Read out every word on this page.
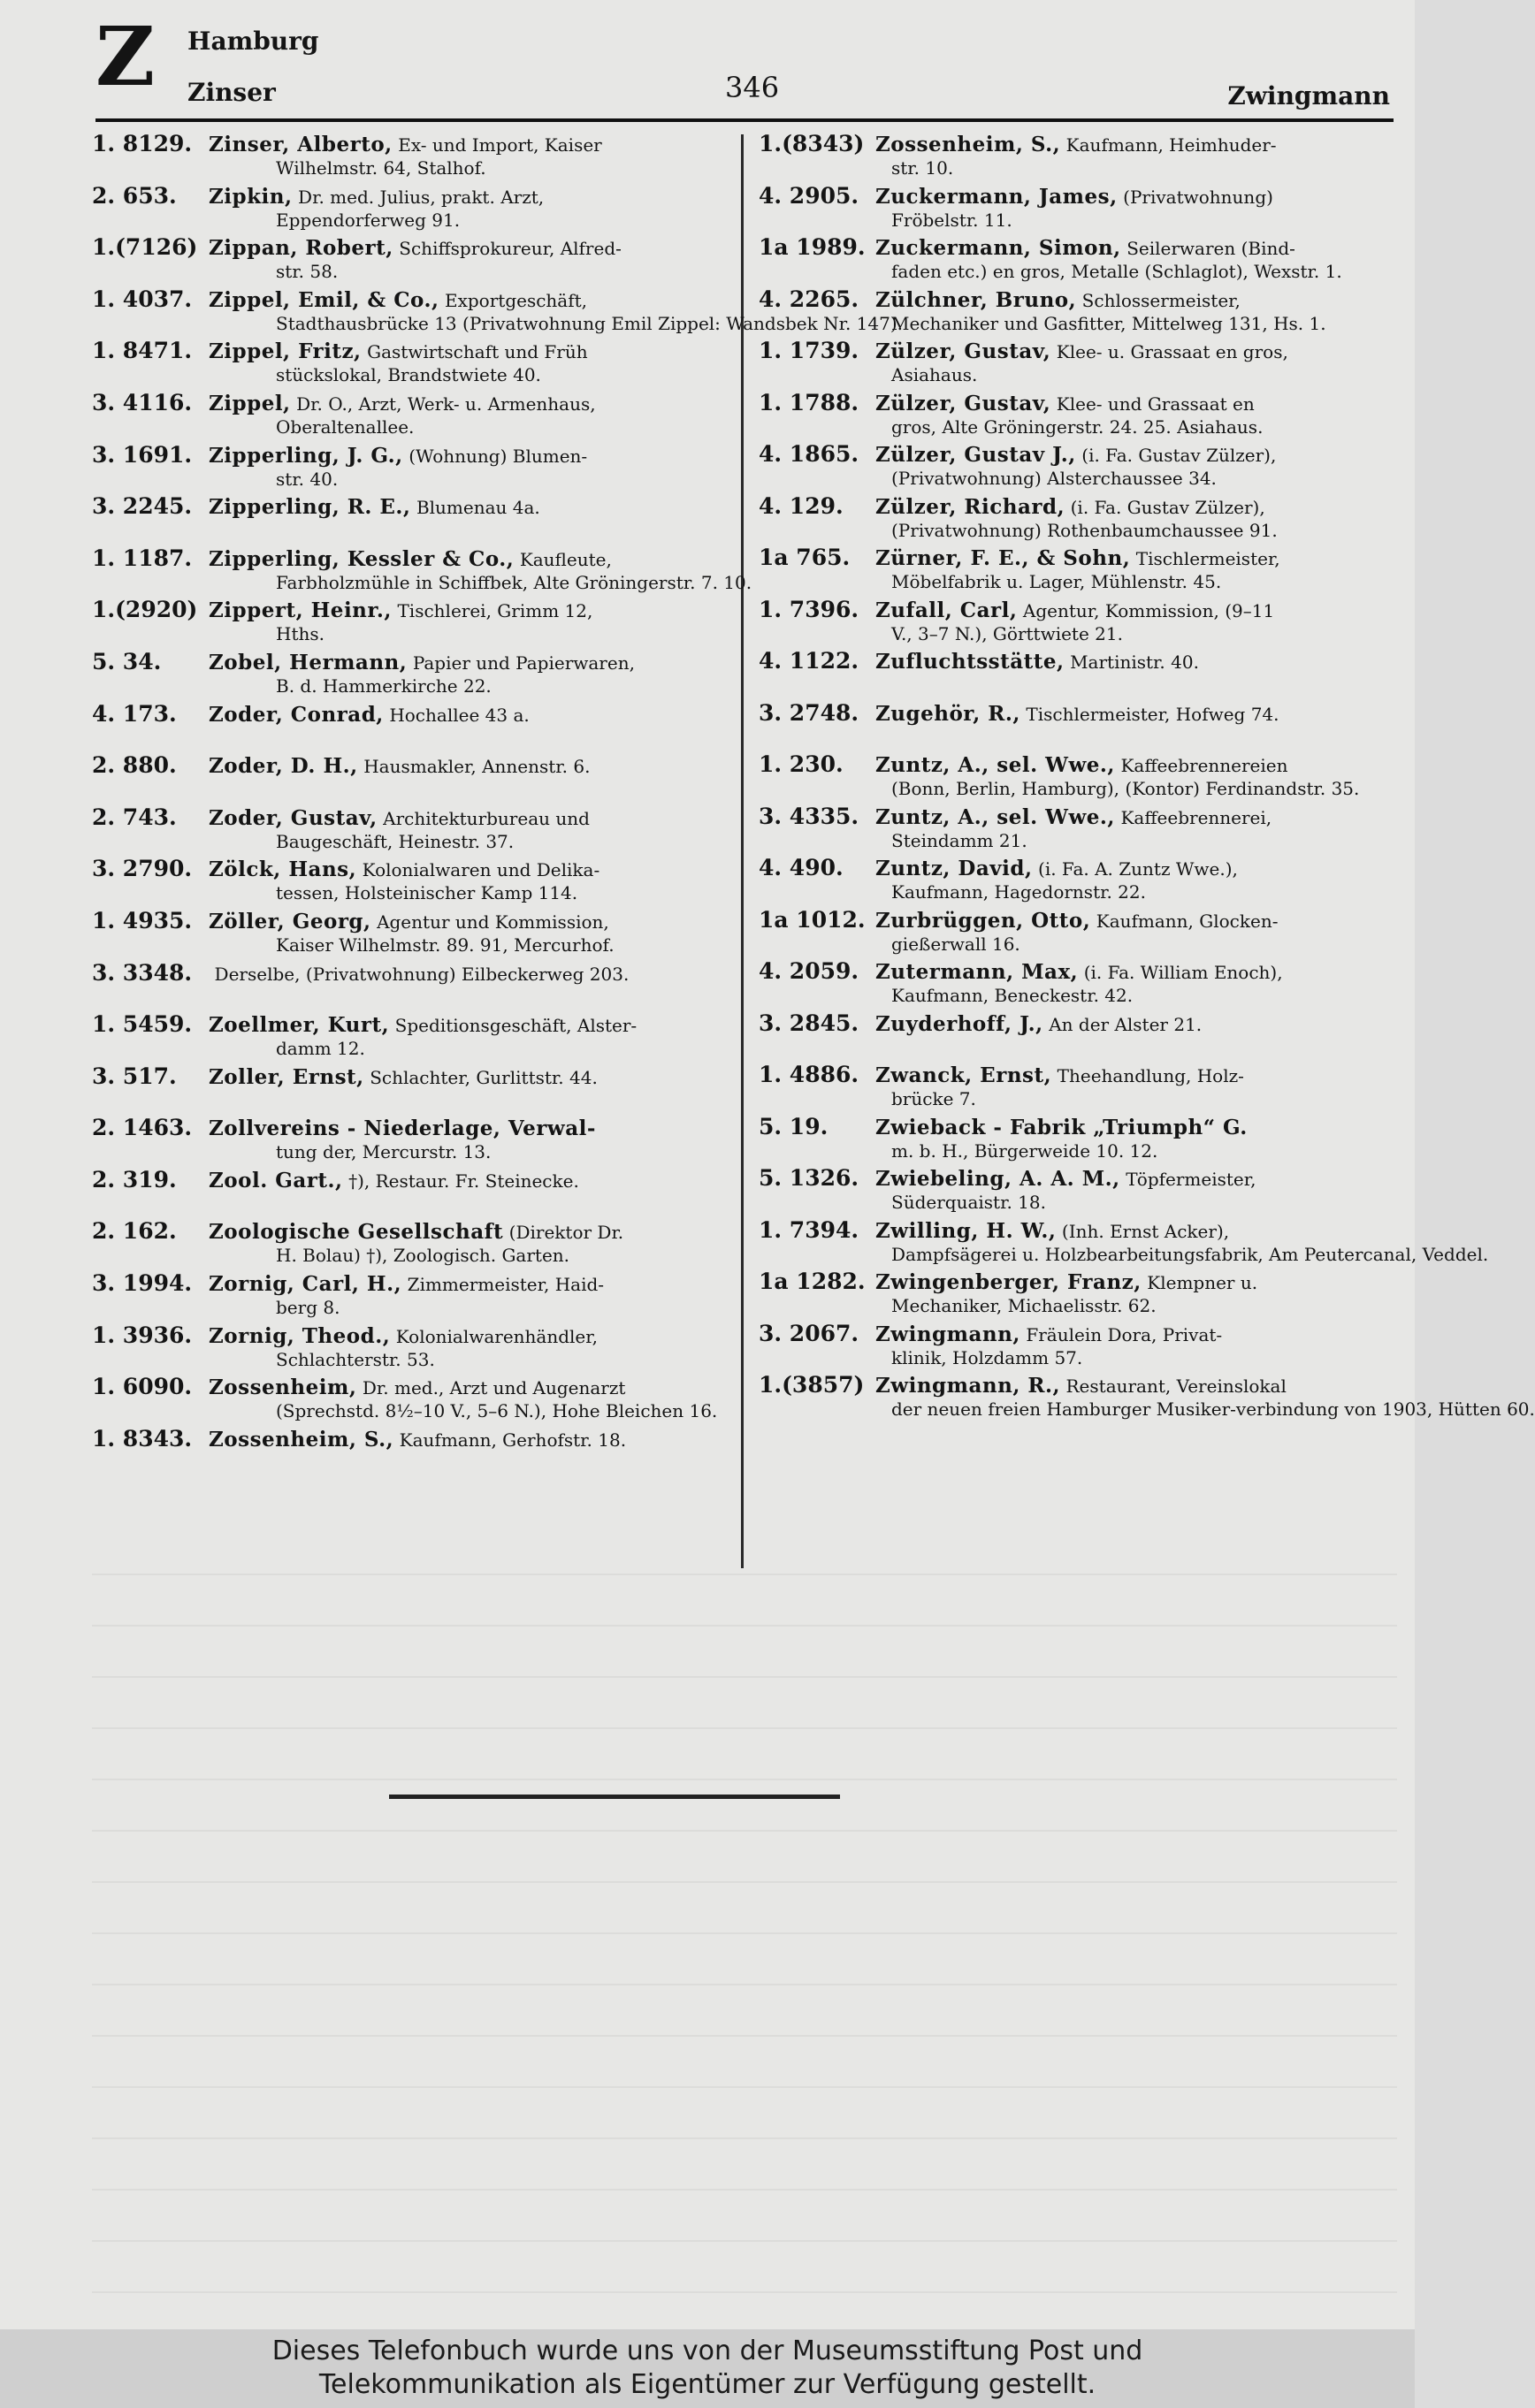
Z Hamburg
Zinser	346	Zwingmann
1. 8129. Zinser, Alberto, Ex- und Import, Kaiser
Wilhelmstr. 64, Stalhof.
2. 653. Zipkin, Dr. med. Julius, prakt. Arzt,
Eppendorferweg 91.
1.(7126) Zippan, Robert, Schiffsprokureur, Alfred-
str. 58.
1. 4037. Zippel, Emil, & Co., Exportgeschäft,
Stadthausbrücke 13 (Privatwohnung Emil Zippel: Wandsbek Nr. 147).
1. 8471. Zippel, Fritz, Gastwirtschaft und Früh
stückslokal, Brandstwiete 40.
3. 4116. Zippel, Dr. O., Arzt, Werk- u. Armenhaus,
Oberaltenallee.
3. 1691. Zipperling, J. G., (Wohnung) Blumen-
str. 40.
3. 2245. Zipperling, R. E., Blumenau 4a.
1. 1187. Zipperling, Kessler & Co., Kaufleute,
Farbholzmühle in Schiffbek, Alte Gröningerstr. 7. 10.
1.(2920) Zippert, Heinr., Tischlerei, Grimm 12,
Hths.
5. 34. Zobel, Hermann, Papier und Papierwaren,
B. d. Hammerkirche 22.
4. 173. Zoder, Conrad, Hochallee 43 a.
2. 880. Zoder, D. H., Hausmakler, Annenstr. 6.
2. 743. Zoder, Gustav, Architekturbureau und
Baugeschäft, Heinestr. 37.
3. 2790. Zölck, Hans, Kolonialwaren und Delika-
tessen, Holsteinischer Kamp 114.
1. 4935. Zöller, Georg, Agentur und Kommission,
Kaiser Wilhelmstr. 89. 91, Mercurhof.
3. 3348. Derselbe, (Privatwohnung) Eilbeckerweg 203.
1. 5459. Zoellmer, Kurt, Speditionsgeschäft, Alster-
damm 12.
3. 517. Zoller, Ernst, Schlachter, Gurlittstr. 44.
2. 1463. Zollvereins - Niederlage, Verwal-
tung der, Mercurstr. 13.
2. 319. Zool. Gart., †), Restaur. Fr. Steinecke.
2. 162. Zoologische Gesellschaft (Direktor Dr.
H. Bolau) †), Zoologisch. Garten.
3. 1994. Zornig, Carl, H., Zimmermeister, Haid-
berg 8.
1. 3936. Zornig, Theod., Kolonialwarenhändler,
Schlachterstr. 53.
1. 6090. Zossenheim, Dr. med., Arzt und Augenarzt
(Sprechstd. 8½–10 V., 5–6 N.), Hohe Bleichen 16.
1. 8343. Zossenheim, S., Kaufmann, Gerhofstr. 18.
1.(8343) Zossenheim, S., Kaufmann, Heimhuder-
str. 10.
4. 2905. Zuckermann, James, (Privatwohnung)
Fröbelstr. 11.
1a 1989. Zuckermann, Simon, Seilerwaren (Bind-
faden etc.) en gros, Metalle (Schlaglot), Wexstr. 1.
4. 2265. Zülchner, Bruno, Schlossermeister,
Mechaniker und Gasfitter, Mittelweg 131, Hs. 1.
1. 1739. Zülzer, Gustav, Klee- u. Grassaat en gros,
Asiahaus.
1. 1788. Zülzer, Gustav, Klee- und Grassaat en
gros, Alte Gröningerstr. 24. 25. Asiahaus.
4. 1865. Zülzer, Gustav J., (i. Fa. Gustav Zülzer),
(Privatwohnung) Alsterchaussee 34.
4. 129. Zülzer, Richard, (i. Fa. Gustav Zülzer),
(Privatwohnung) Rothenbaumchaussee 91.
1a 765. Zürner, F. E., & Sohn, Tischlermeister,
Möbelfabrik u. Lager, Mühlenstr. 45.
1. 7396. Zufall, Carl, Agentur, Kommission, (9–11
V., 3–7 N.), Görttwiete 21.
4. 1122. Zufluchtsstätte, Martinistr. 40.
3. 2748. Zugehör, R., Tischlermeister, Hofweg 74.
1. 230. Zuntz, A., sel. Wwe., Kaffeebrennereien
(Bonn, Berlin, Hamburg), (Kontor) Ferdinandstr. 35.
3. 4335. Zuntz, A., sel. Wwe., Kaffeebrennerei,
Steindamm 21.
4. 490. Zuntz, David, (i. Fa. A. Zuntz Wwe.),
Kaufmann, Hagedornstr. 22.
1a 1012. Zurbrüggen, Otto, Kaufmann, Glocken-
gießerwall 16.
4. 2059. Zutermann, Max, (i. Fa. William Enoch),
Kaufmann, Beneckestr. 42.
3. 2845. Zuyderhoff, J., An der Alster 21.
1. 4886. Zwanck, Ernst, Theehandlung, Holz-
brücke 7.
5. 19. Zwieback - Fabrik „Triumph“ G.
m. b. H., Bürgerweide 10. 12.
5. 1326. Zwiebeling, A. A. M., Töpfermeister,
Süderquaistr. 18.
1. 7394. Zwilling, H. W., (Inh. Ernst Acker),
Dampfsägerei u. Holzbearbeitungsfabrik, Am Peutercanal, Veddel.
1a 1282. Zwingenberger, Franz, Klempner u.
Mechaniker, Michaelisstr. 62.
3. 2067. Zwingmann, Fräulein Dora, Privat-
klinik, Holzdamm 57.
1.(3857) Zwingmann, R., Restaurant, Vereinslokal
der neuen freien Hamburger Musiker-verbindung von 1903, Hütten 60.
Dieses Telefonbuch wurde uns von der Museumsstiftung Post und
Telekommunikation als Eigentümer zur Verfügung gestellt.
